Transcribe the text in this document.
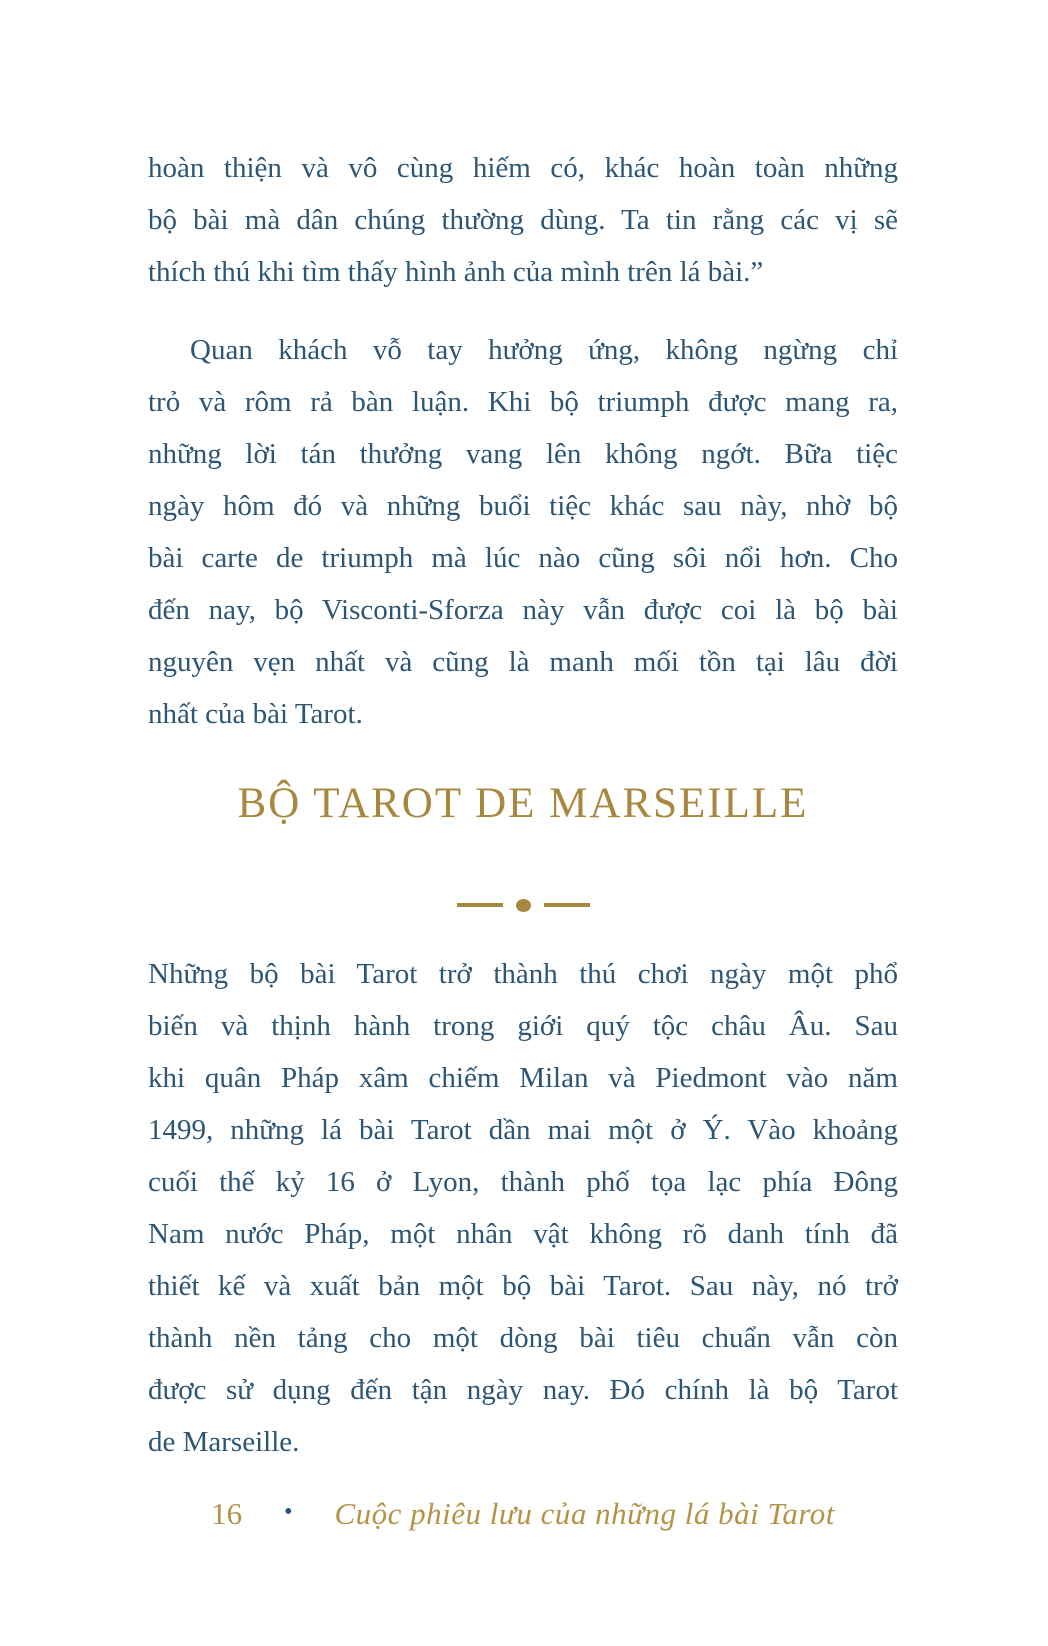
hoàn thiện và vô cùng hiếm có, khác hoàn toàn những
bộ bài mà dân chúng thường dùng. Ta tin rằng các vị sẽ
thích thú khi tìm thấy hình ảnh của mình trên lá bài.”
Quan khách vỗ tay hưởng ứng, không ngừng chỉ
trỏ và rôm rả bàn luận. Khi bộ triumph được mang ra,
những lời tán thưởng vang lên không ngớt. Bữa tiệc
ngày hôm đó và những buổi tiệc khác sau này, nhờ bộ
bài carte de triumph mà lúc nào cũng sôi nổi hơn. Cho
đến nay, bộ Visconti-Sforza này vẫn được coi là bộ bài
nguyên vẹn nhất và cũng là manh mối tồn tại lâu đời
nhất của bài Tarot.
BỘ TAROT DE MARSEILLE
Những bộ bài Tarot trở thành thú chơi ngày một phổ
biến và thịnh hành trong giới quý tộc châu Âu. Sau
khi quân Pháp xâm chiếm Milan và Piedmont vào năm
1499, những lá bài Tarot dần mai một ở Ý. Vào khoảng
cuối thế kỷ 16 ở Lyon, thành phố tọa lạc phía Đông
Nam nước Pháp, một nhân vật không rõ danh tính đã
thiết kế và xuất bản một bộ bài Tarot. Sau này, nó trở
thành nền tảng cho một dòng bài tiêu chuẩn vẫn còn
được sử dụng đến tận ngày nay. Đó chính là bộ Tarot
de Marseille.
16 • Cuộc phiêu lưu của những lá bài Tarot
